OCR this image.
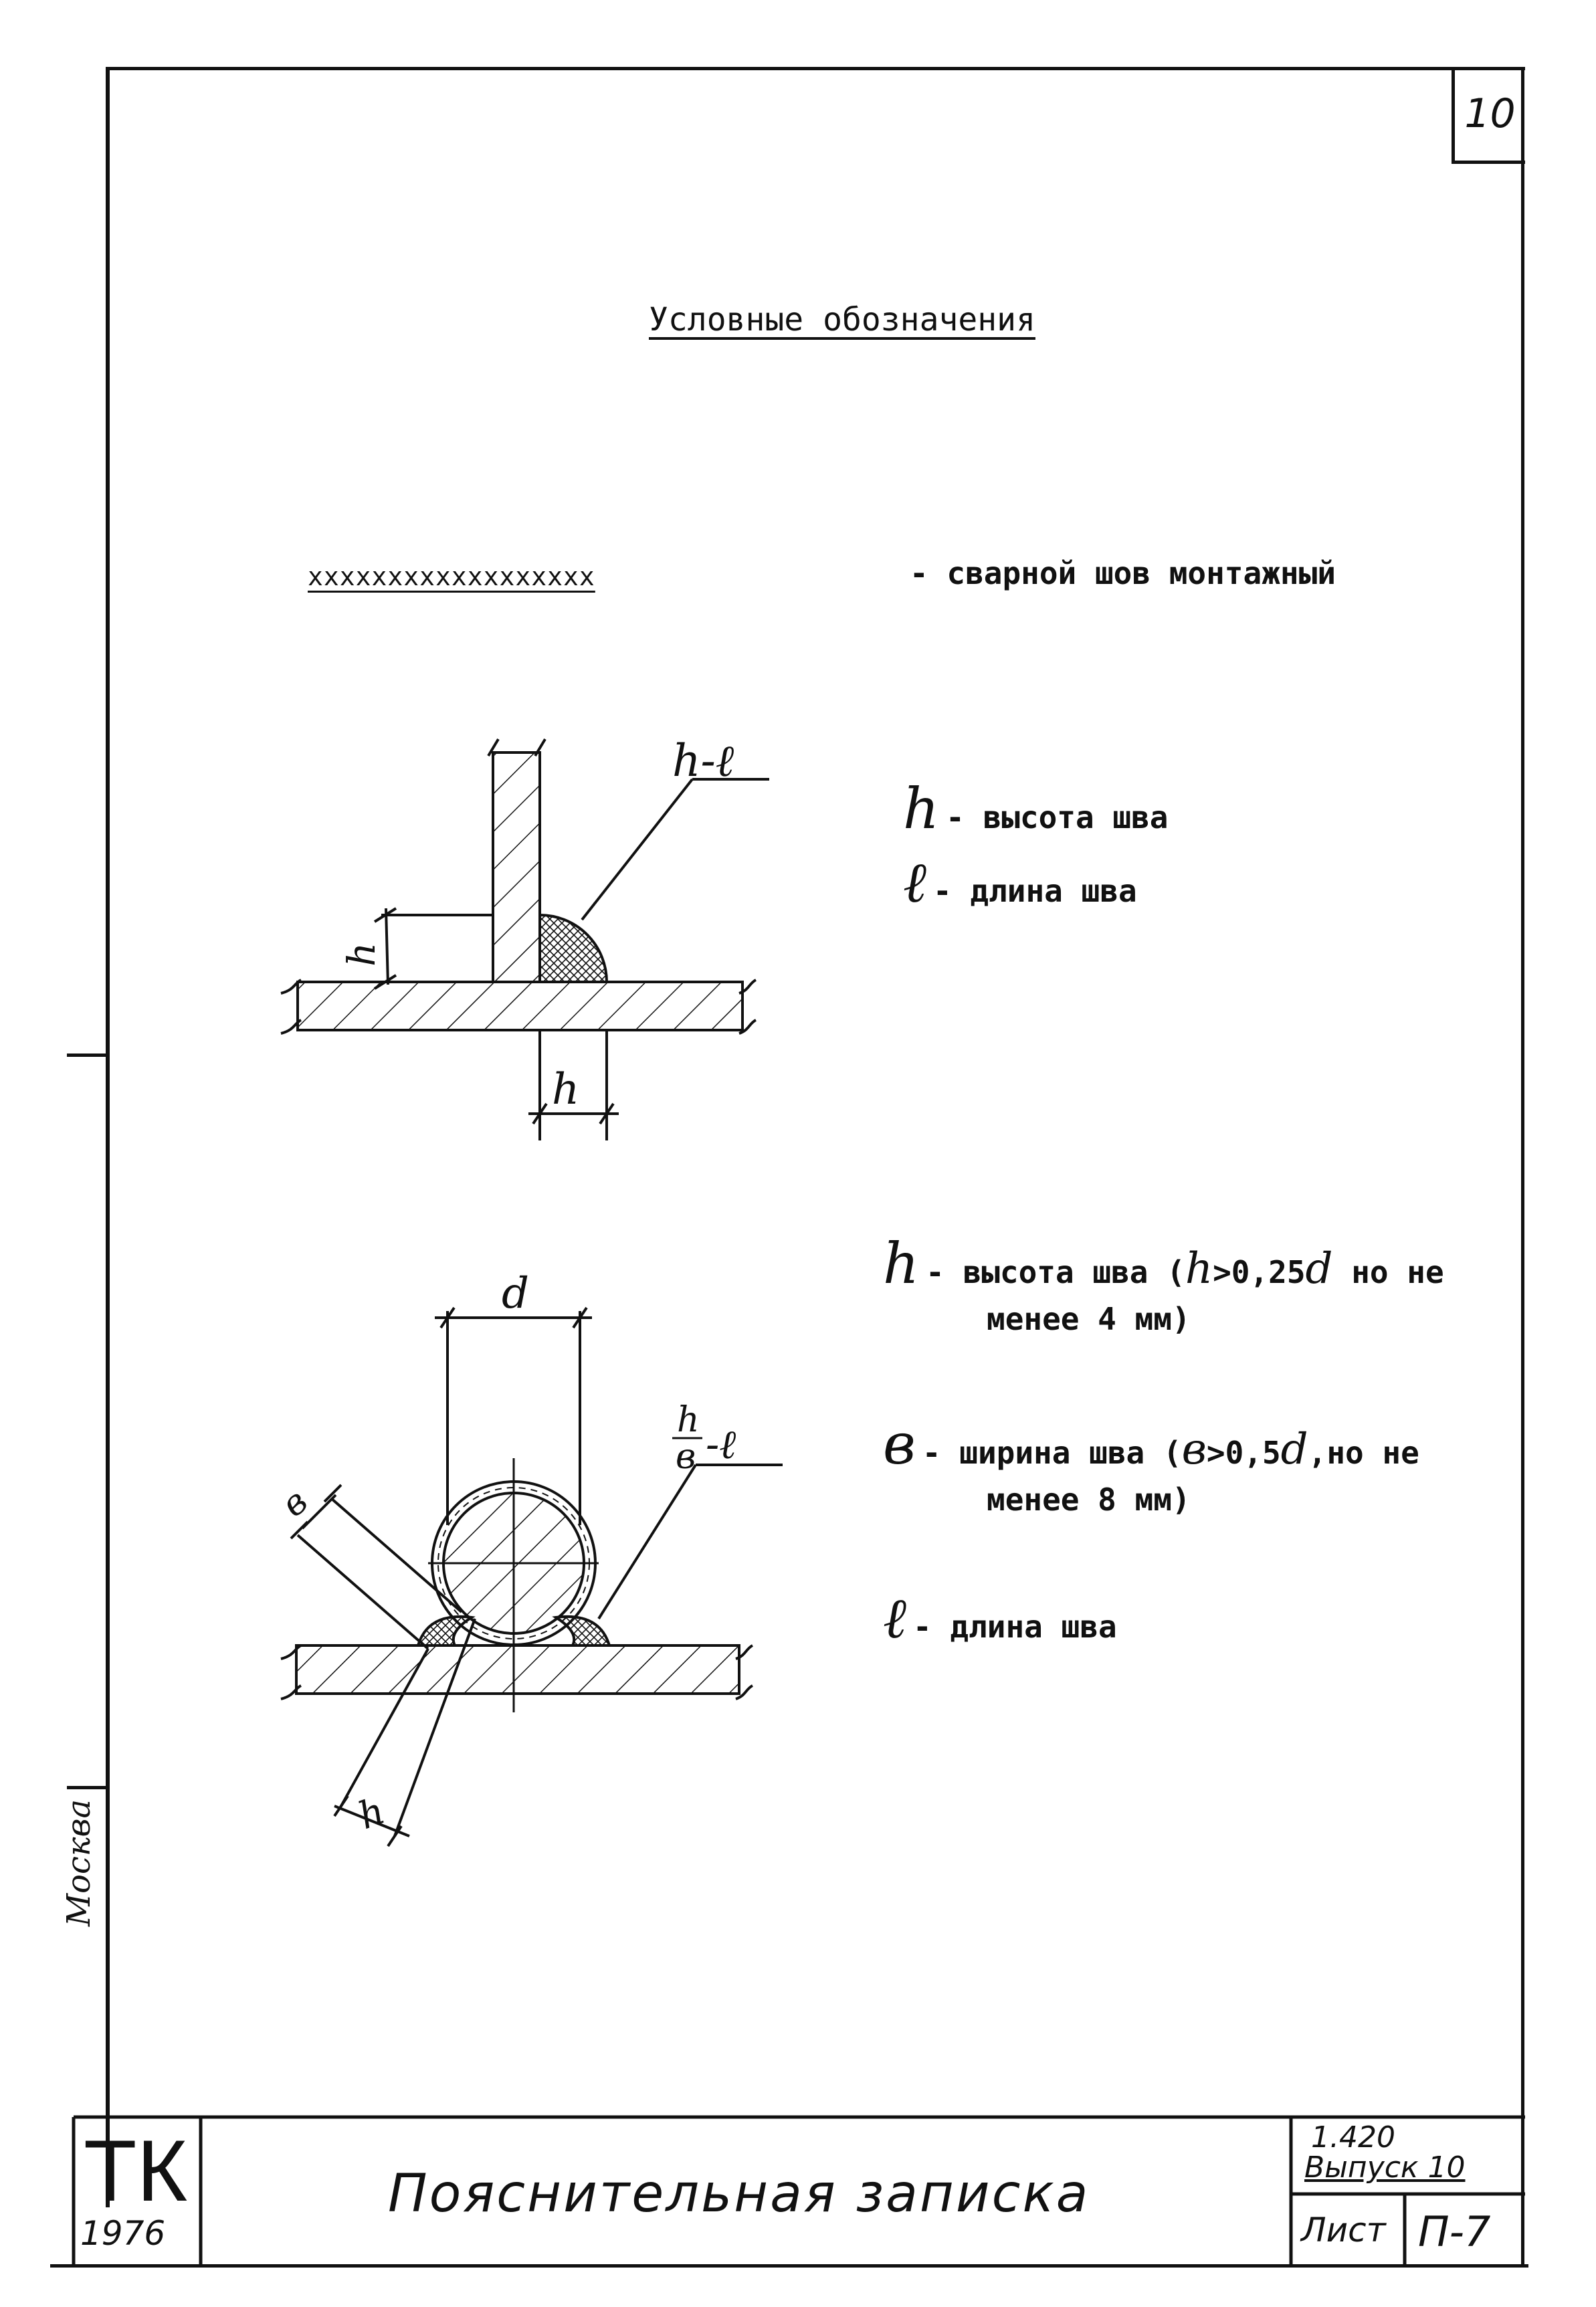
10
Условные обозначения
xxxxxxxxxxxxxxxxxx	- сварной шов монтажный
h - высота шва
ℓ - длина шва
h - высота шва (h>0,25d но не
менее 4 мм)
в - ширина шва (в>0,5d,но не
менее 8 мм)
ℓ - длина шва
h-ℓ
h
h
d
h
в -ℓ
в
h
Москва
ТК
1976
Пояснительная записка
1.420
Выпуск 10
Лист П-7
